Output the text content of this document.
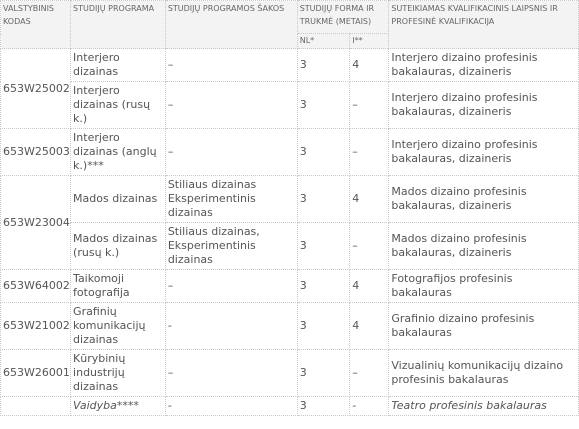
VALSTYBINIS KODAS	STUDIJŲ PROGRAMA	STUDIJŲ PROGRAMOS ŠAKOS	STUDIJŲ FORMA IR TRUKMĖ (METAIS)		SUTEIKIAMAS KVALIFIKACINIS LAIPSNIS IR PROFESINĖ KVALIFIKACIJA
			NL*	I**	
653W25002	Interjero dizainas	–	3	4	Interjero dizaino profesinis bakalauras, dizaineris
	Interjero dizainas (rusų k.)	–	3	–	Interjero dizaino profesinis bakalauras, dizaineris
653W25003	Interjero dizainas (anglų k.)***	–	3	–	Interjero dizaino profesinis bakalauras, dizaineris
653W23004	Mados dizainas	Stiliaus dizainas Eksperimentinis dizainas	3	4	Mados dizaino profesinis bakalauras, dizaineris
	Mados dizainas (rusų k.)	Stiliaus dizainas, Eksperimentinis dizainas	3	–	Mados dizaino profesinis bakalauras, dizaineris
653W64002	Taikomoji fotografija	–	3	4	Fotografijos profesinis bakalauras
653W21002	Grafinių komunikacijų dizainas	-	3	4	Grafinio dizaino profesinis bakalauras
653W26001	Kūrybinių industrijų dizainas	–	3	–	Vizualinių komunikacijų dizaino profesinis bakalauras
	Vaidyba****	-	3	-	Teatro profesinis bakalauras
